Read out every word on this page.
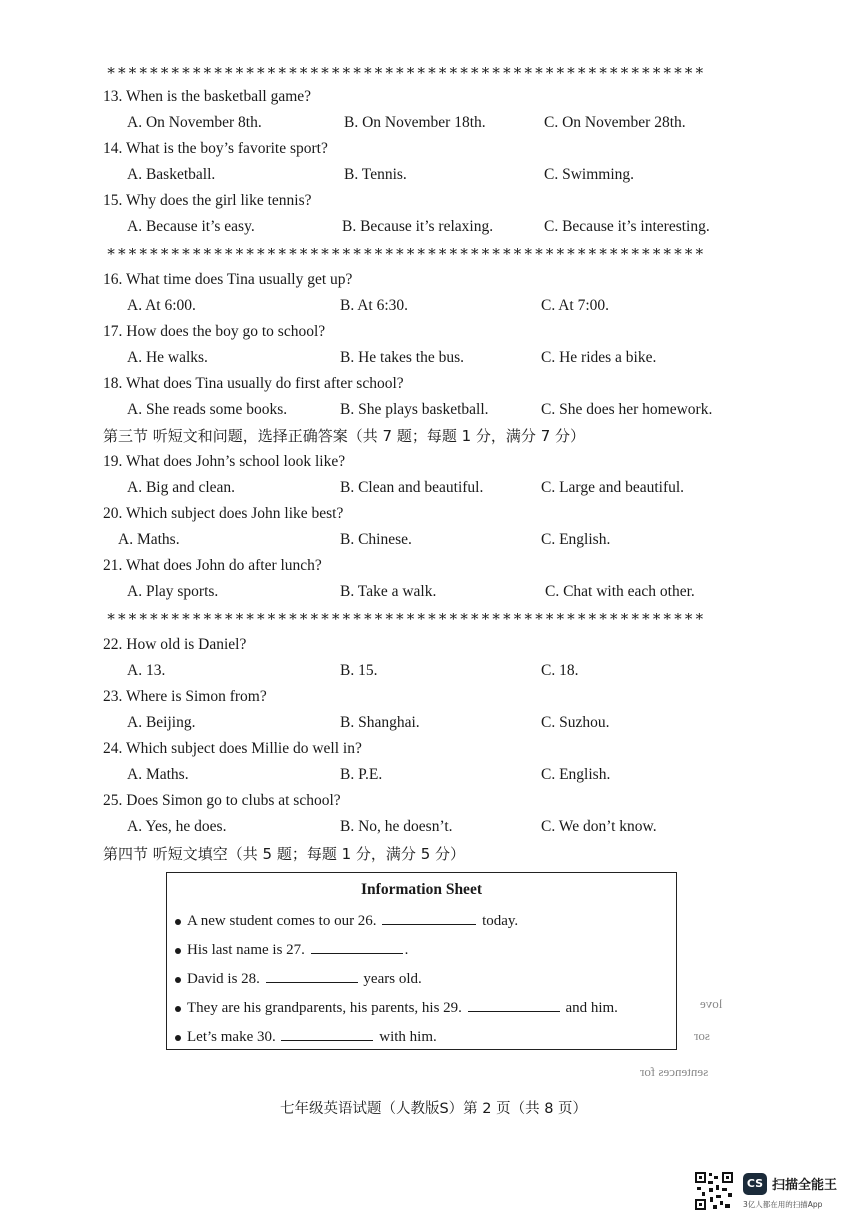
∗∗∗∗∗∗∗∗∗∗∗∗∗∗∗∗∗∗∗∗∗∗∗∗∗∗∗∗∗∗∗∗∗∗∗∗∗∗∗∗∗∗∗∗∗∗∗∗∗∗∗∗∗∗∗∗
13. When is the basketball game?
A. On November 8th.	B. On November 18th.	C. On November 28th.
14. What is the boy’s favorite sport?
A. Basketball.	B. Tennis.	C. Swimming.
15. Why does the girl like tennis?
A. Because it’s easy.	B. Because it’s relaxing.	C. Because it’s interesting.
∗∗∗∗∗∗∗∗∗∗∗∗∗∗∗∗∗∗∗∗∗∗∗∗∗∗∗∗∗∗∗∗∗∗∗∗∗∗∗∗∗∗∗∗∗∗∗∗∗∗∗∗∗∗∗∗
16. What time does Tina usually get up?
A. At 6:00.	B. At 6:30.	C. At 7:00.
17. How does the boy go to school?
A. He walks.	B. He takes the bus.	C. He rides a bike.
18. What does Tina usually do first after school?
A. She reads some books.	B. She plays basketball.	C. She does her homework.
第三节 听短文和问题，选择正确答案（共 7 题；每题 1 分，满分 7 分）
19. What does John’s school look like?
A. Big and clean.	B. Clean and beautiful.	C. Large and beautiful.
20. Which subject does John like best?
A. Maths.	B. Chinese.	C. English.
21. What does John do after lunch?
A. Play sports.	B. Take a walk.	C. Chat with each other.
∗∗∗∗∗∗∗∗∗∗∗∗∗∗∗∗∗∗∗∗∗∗∗∗∗∗∗∗∗∗∗∗∗∗∗∗∗∗∗∗∗∗∗∗∗∗∗∗∗∗∗∗∗∗∗∗
22. How old is Daniel?
A. 13.	B. 15.	C. 18.
23. Where is Simon from?
A. Beijing.	B. Shanghai.	C. Suzhou.
24. Which subject does Millie do well in?
A. Maths.	B. P.E.	C. English.
25. Does Simon go to clubs at school?
A. Yes, he does.	B. No, he doesn’t.	C. We don’t know.
第四节 听短文填空（共 5 题；每题 1 分，满分 5 分）
Information Sheet
A new student comes to our 26.	today.
His last name is 27.	.
David is 28.	years old.
They are his grandparents, his parents, his 29.	and him.
Let’s make 30.	with him.
love
sor
sentences for
七年级英语试题（人教版S）第 2 页（共 8 页）
CS 扫描全能王
3亿人都在用的扫描App
